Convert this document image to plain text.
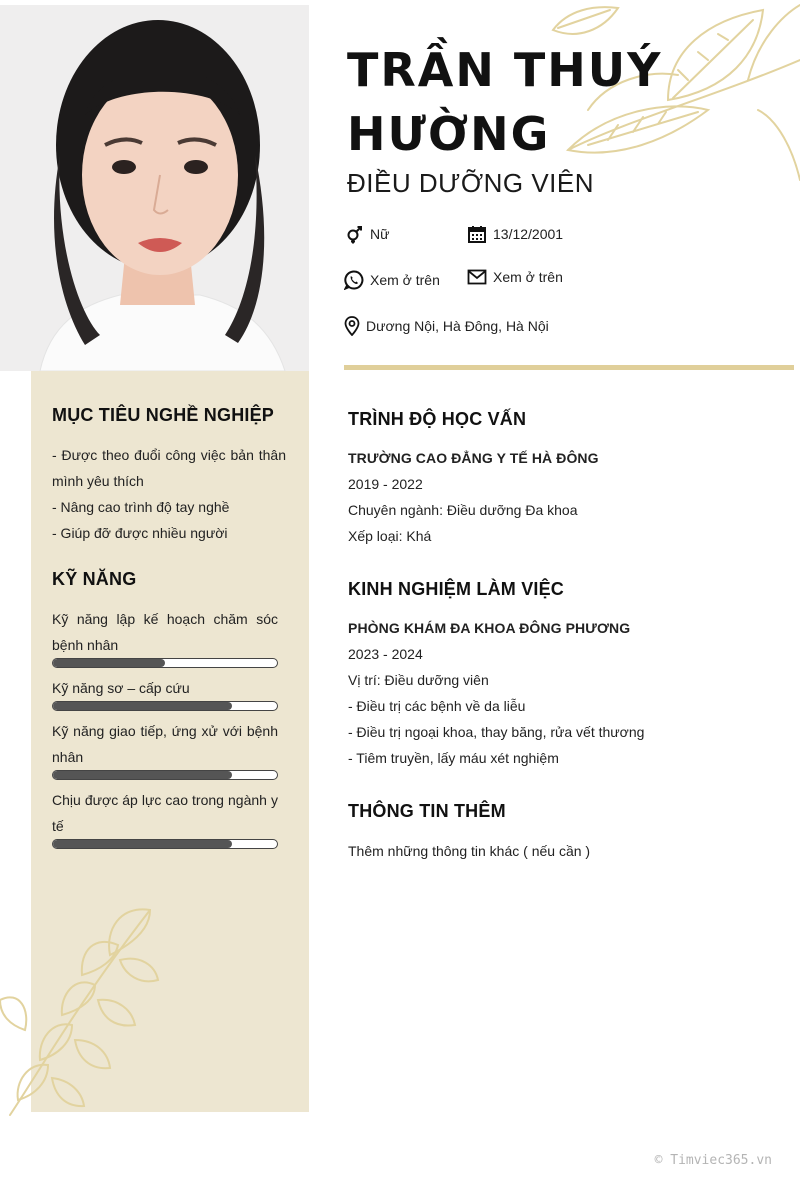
TRẦN THUÝ HƯỜNG
ĐIỀU DƯỠNG VIÊN
Nữ	13/12/2001
Xem ở trên	Xem ở trên
Dương Nội, Hà Đông, Hà Nội
MỤC TIÊU NGHỀ NGHIỆP
- Được theo đuổi công việc bản thân mình yêu thích
- Nâng cao trình độ tay nghề
- Giúp đỡ được nhiều người
KỸ NĂNG
Kỹ năng lập kế hoạch chăm sóc bệnh nhân
Kỹ năng sơ – cấp cứu
Kỹ năng giao tiếp, ứng xử với bệnh nhân
Chịu được áp lực cao trong ngành y tế
TRÌNH ĐỘ HỌC VẤN
TRƯỜNG CAO ĐẲNG Y TẾ HÀ ĐÔNG
2019 - 2022
Chuyên ngành: Điều dưỡng Đa khoa
Xếp loại: Khá
KINH NGHIỆM LÀM VIỆC
PHÒNG KHÁM ĐA KHOA ĐÔNG PHƯƠNG
2023 - 2024
Vị trí: Điều dưỡng viên
- Điều trị các bệnh về da liễu
- Điều trị ngoại khoa, thay băng, rửa vết thương
- Tiêm truyền, lấy máu xét nghiệm
THÔNG TIN THÊM
Thêm những thông tin khác ( nếu cần )
© Timviec365.vn
